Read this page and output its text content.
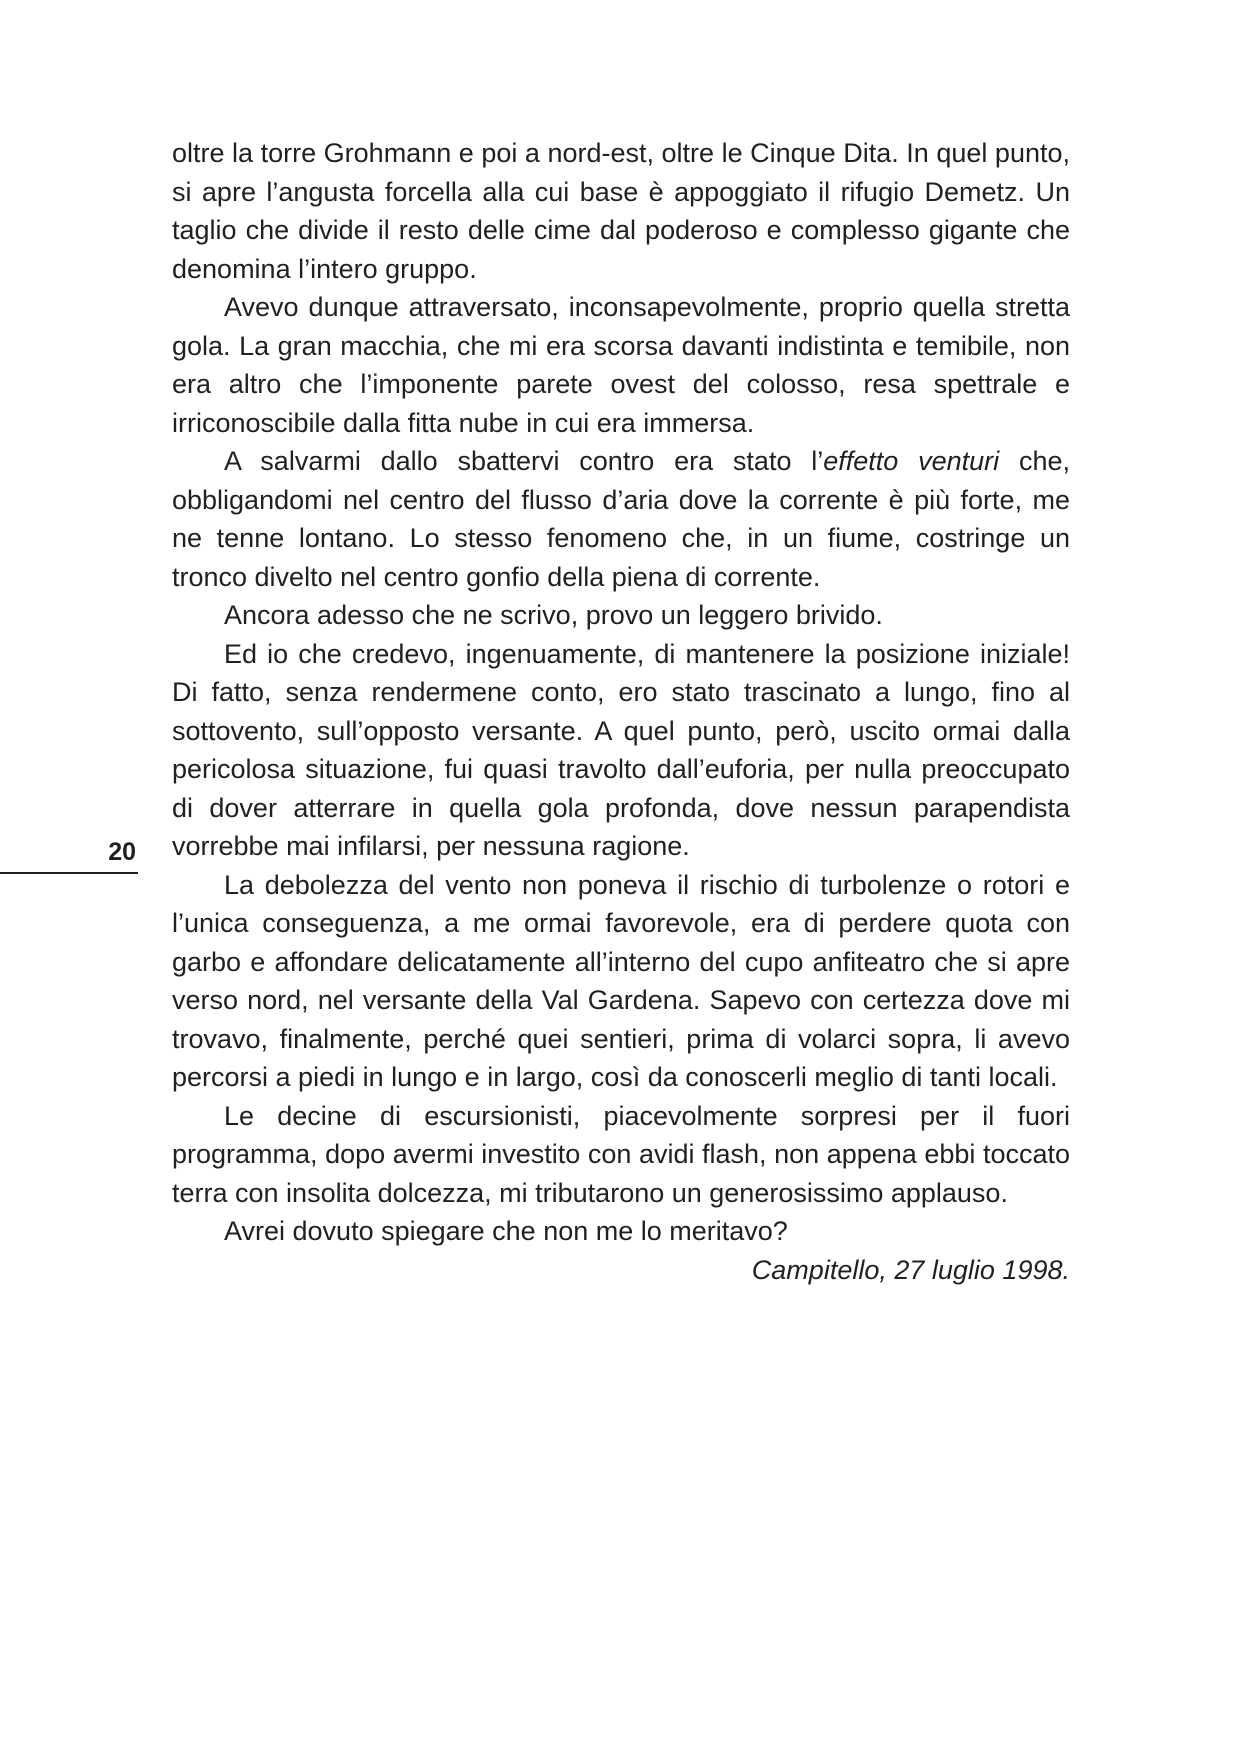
20

oltre la torre Grohmann e poi a nord-est, oltre le Cinque Dita. In quel punto, si apre l’angusta forcella alla cui base è appoggiato il rifugio Demetz. Un taglio che divide il resto delle cime dal poderoso e complesso gigante che denomina l’intero gruppo.

Avevo dunque attraversato, inconsapevolmente, proprio quella stretta gola. La gran macchia, che mi era scorsa davanti indistinta e temibile, non era altro che l’imponente parete ovest del colosso, resa spettrale e irriconoscibile dalla fitta nube in cui era immersa.

A salvarmi dallo sbattervi contro era stato l’effetto venturi che, obbligandomi nel centro del flusso d’aria dove la corrente è più forte, me ne tenne lontano. Lo stesso fenomeno che, in un fiume, costringe un tronco divelto nel centro gonfio della piena di corrente.

Ancora adesso che ne scrivo, provo un leggero brivido.

Ed io che credevo, ingenuamente, di mantenere la posizione iniziale! Di fatto, senza rendermene conto, ero stato trascinato a lungo, fino al sottovento, sull’opposto versante. A quel punto, però, uscito ormai dalla pericolosa situazione, fui quasi travolto dall’euforia, per nulla preoccupato di dover atterrare in quella gola profonda, dove nessun parapendista vorrebbe mai infilarsi, per nessuna ragione.

La debolezza del vento non poneva il rischio di turbolenze o rotori e l’unica conseguenza, a me ormai favorevole, era di perdere quota con garbo e affondare delicatamente all’interno del cupo anfiteatro che si apre verso nord, nel versante della Val Gardena. Sapevo con certezza dove mi trovavo, finalmente, perché quei sentieri, prima di volarci sopra, li avevo percorsi a piedi in lungo e in largo, così da conoscerli meglio di tanti locali.

Le decine di escursionisti, piacevolmente sorpresi per il fuori programma, dopo avermi investito con avidi flash, non appena ebbi toccato terra con insolita dolcezza, mi tributarono un generosissimo applauso.

Avrei dovuto spiegare che non me lo meritavo?

Campitello, 27 luglio 1998.
